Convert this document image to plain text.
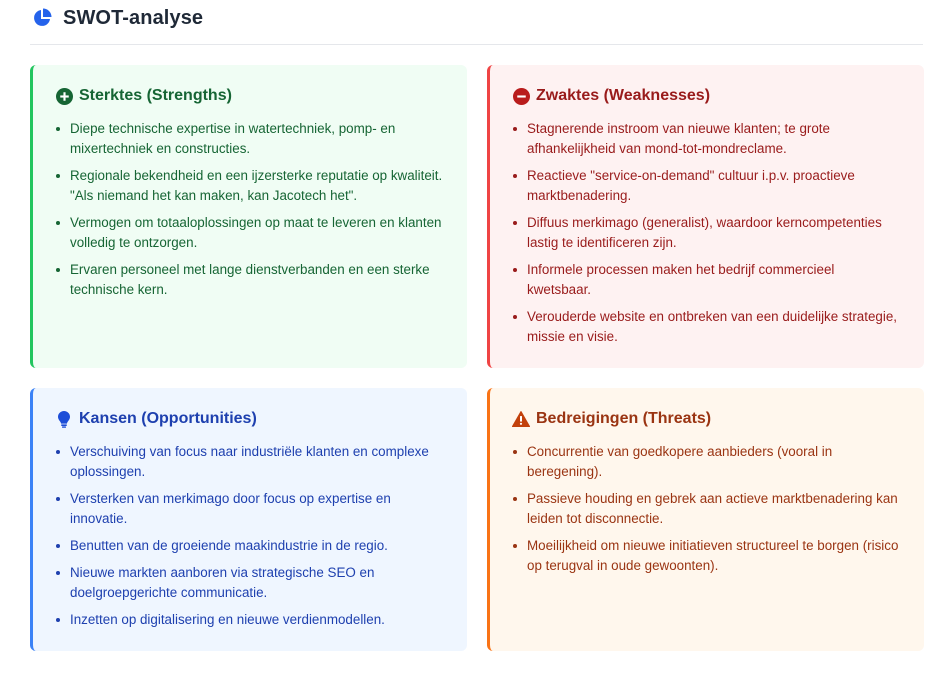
SWOT-analyse
Sterktes (Strengths)
Diepe technische expertise in watertechniek, pomp- en mixertechniek en constructies.
Regionale bekendheid en een ijzersterke reputatie op kwaliteit. "Als niemand het kan maken, kan Jacotech het".
Vermogen om totaaloplossingen op maat te leveren en klanten volledig te ontzorgen.
Ervaren personeel met lange dienstverbanden en een sterke technische kern.
Zwaktes (Weaknesses)
Stagnerende instroom van nieuwe klanten; te grote afhankelijkheid van mond-tot-mondreclame.
Reactieve "service-on-demand" cultuur i.p.v. proactieve marktbenadering.
Diffuus merkimago (generalist), waardoor kerncompetenties lastig te identificeren zijn.
Informele processen maken het bedrijf commercieel kwetsbaar.
Verouderde website en ontbreken van een duidelijke strategie, missie en visie.
Kansen (Opportunities)
Verschuiving van focus naar industriële klanten en complexe oplossingen.
Versterken van merkimago door focus op expertise en innovatie.
Benutten van de groeiende maakindustrie in de regio.
Nieuwe markten aanboren via strategische SEO en doelgroepgerichte communicatie.
Inzetten op digitalisering en nieuwe verdienmodellen.
Bedreigingen (Threats)
Concurrentie van goedkopere aanbieders (vooral in beregening).
Passieve houding en gebrek aan actieve marktbenadering kan leiden tot disconnectie.
Moeilijkheid om nieuwe initiatieven structureel te borgen (risico op terugval in oude gewoonten).
